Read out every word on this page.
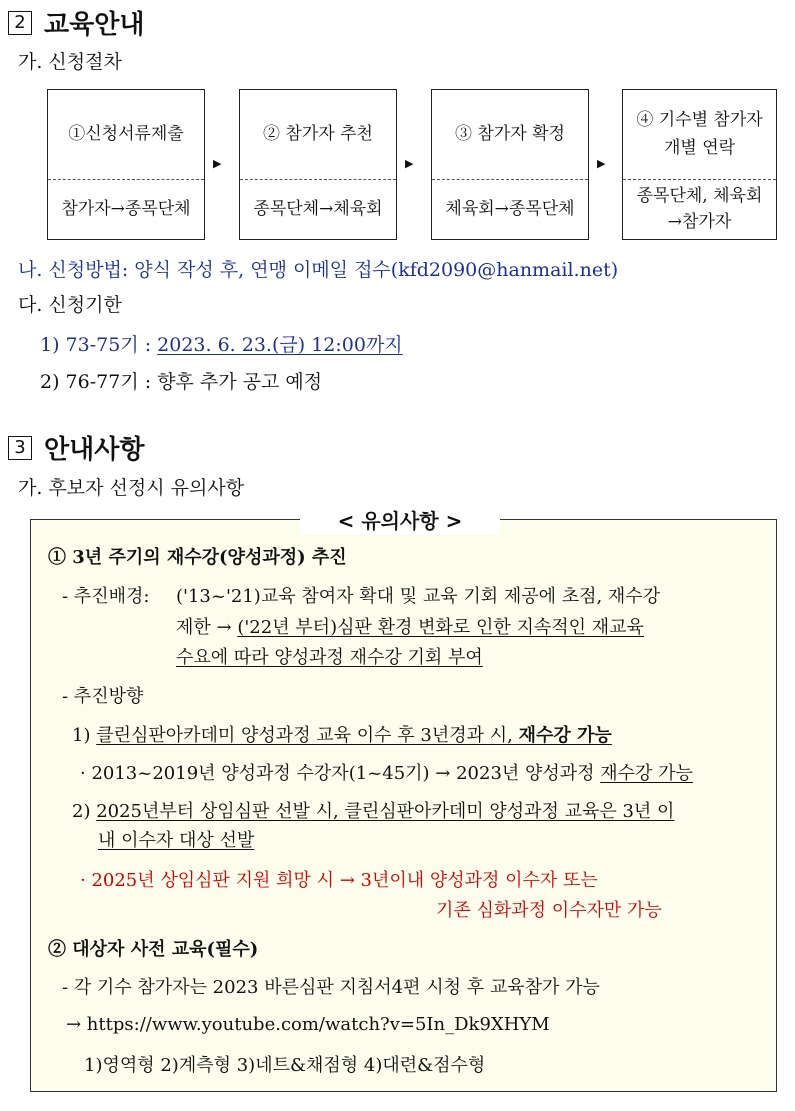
2 교육안내
가. 신청절차
①신청서류제출
참가자→종목단체
▶
② 참가자 추천
종목단체→체육회
▶
③ 참가자 확정
체육회→종목단체
▶
④ 기수별 참가자
개별 연락
종목단체, 체육회
→참가자
나. 신청방법: 양식 작성 후, 연맹 이메일 접수(kfd2090@hanmail.net)
다. 신청기한
1) 73-75기 : 2023. 6. 23.(금) 12:00까지
2) 76-77기 : 향후 추가 공고 예정
3 안내사항
가. 후보자 선정시 유의사항
< 유의사항 >
① 3년 주기의 재수강(양성과정) 추진
- 추진배경: ('13~'21)교육 참여자 확대 및 교육 기회 제공에 초점, 재수강
제한 → ('22년 부터)심판 환경 변화로 인한 지속적인 재교육
수요에 따라 양성과정 재수강 기회 부여
- 추진방향
1) 클린심판아카데미 양성과정 교육 이수 후 3년경과 시, 재수강 가능
· 2013~2019년 양성과정 수강자(1~45기) → 2023년 양성과정 재수강 가능
2) 2025년부터 상임심판 선발 시, 클린심판아카데미 양성과정 교육은 3년 이
내 이수자 대상 선발
· 2025년 상임심판 지원 희망 시 → 3년이내 양성과정 이수자 또는
기존 심화과정 이수자만 가능
② 대상자 사전 교육(필수)
- 각 기수 참가자는 2023 바른심판 지침서4편 시청 후 교육참가 가능
→ https://www.youtube.com/watch?v=5In_Dk9XHYM
1)영역형 2)계측형 3)네트&채점형 4)대련&점수형
